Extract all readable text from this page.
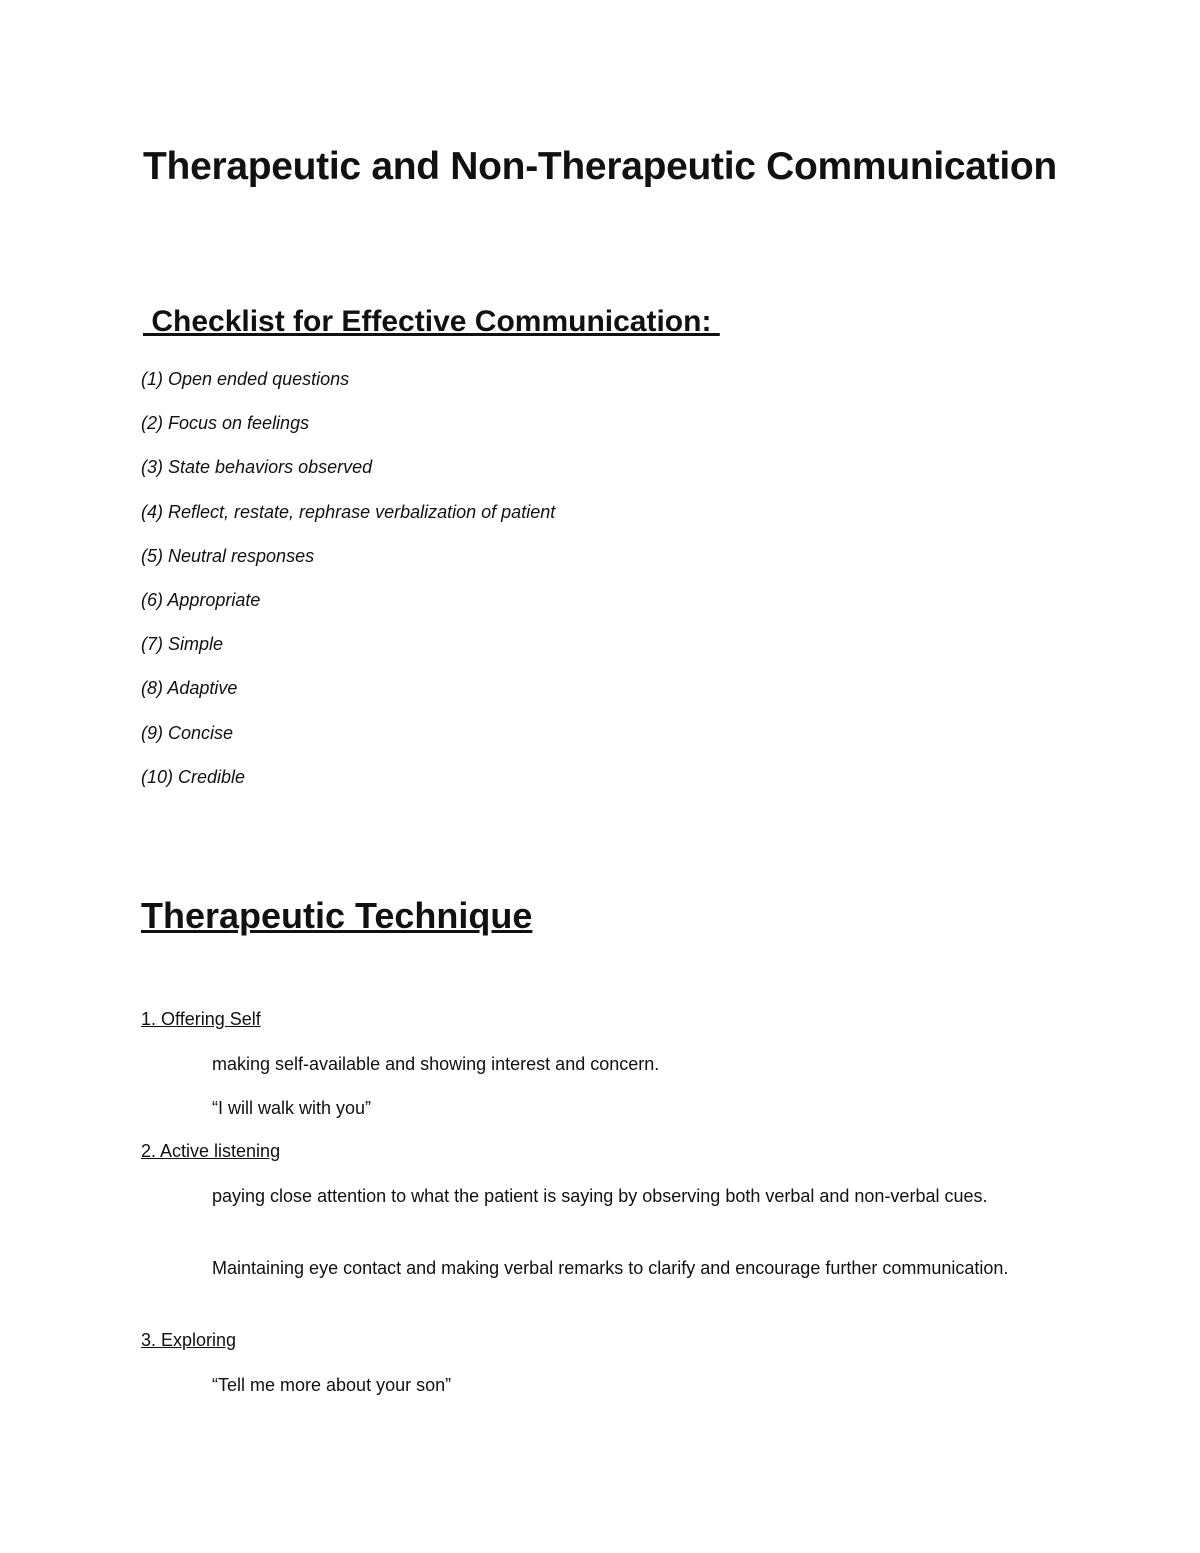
Therapeutic and Non-Therapeutic Communication
Checklist for Effective Communication:
(1) Open ended questions
(2) Focus on feelings
(3) State behaviors observed
(4) Reflect, restate, rephrase verbalization of patient
(5) Neutral responses
(6) Appropriate
(7) Simple
(8) Adaptive
(9) Concise
(10) Credible
Therapeutic Technique

1. Offering Self

making self-available and showing interest and concern.

“I will walk with you”

2. Active listening

paying close attention to what the patient is saying by observing both verbal and non-verbal cues.

Maintaining eye contact and making verbal remarks to clarify and encourage further communication.

3. Exploring

“Tell me more about your son”
